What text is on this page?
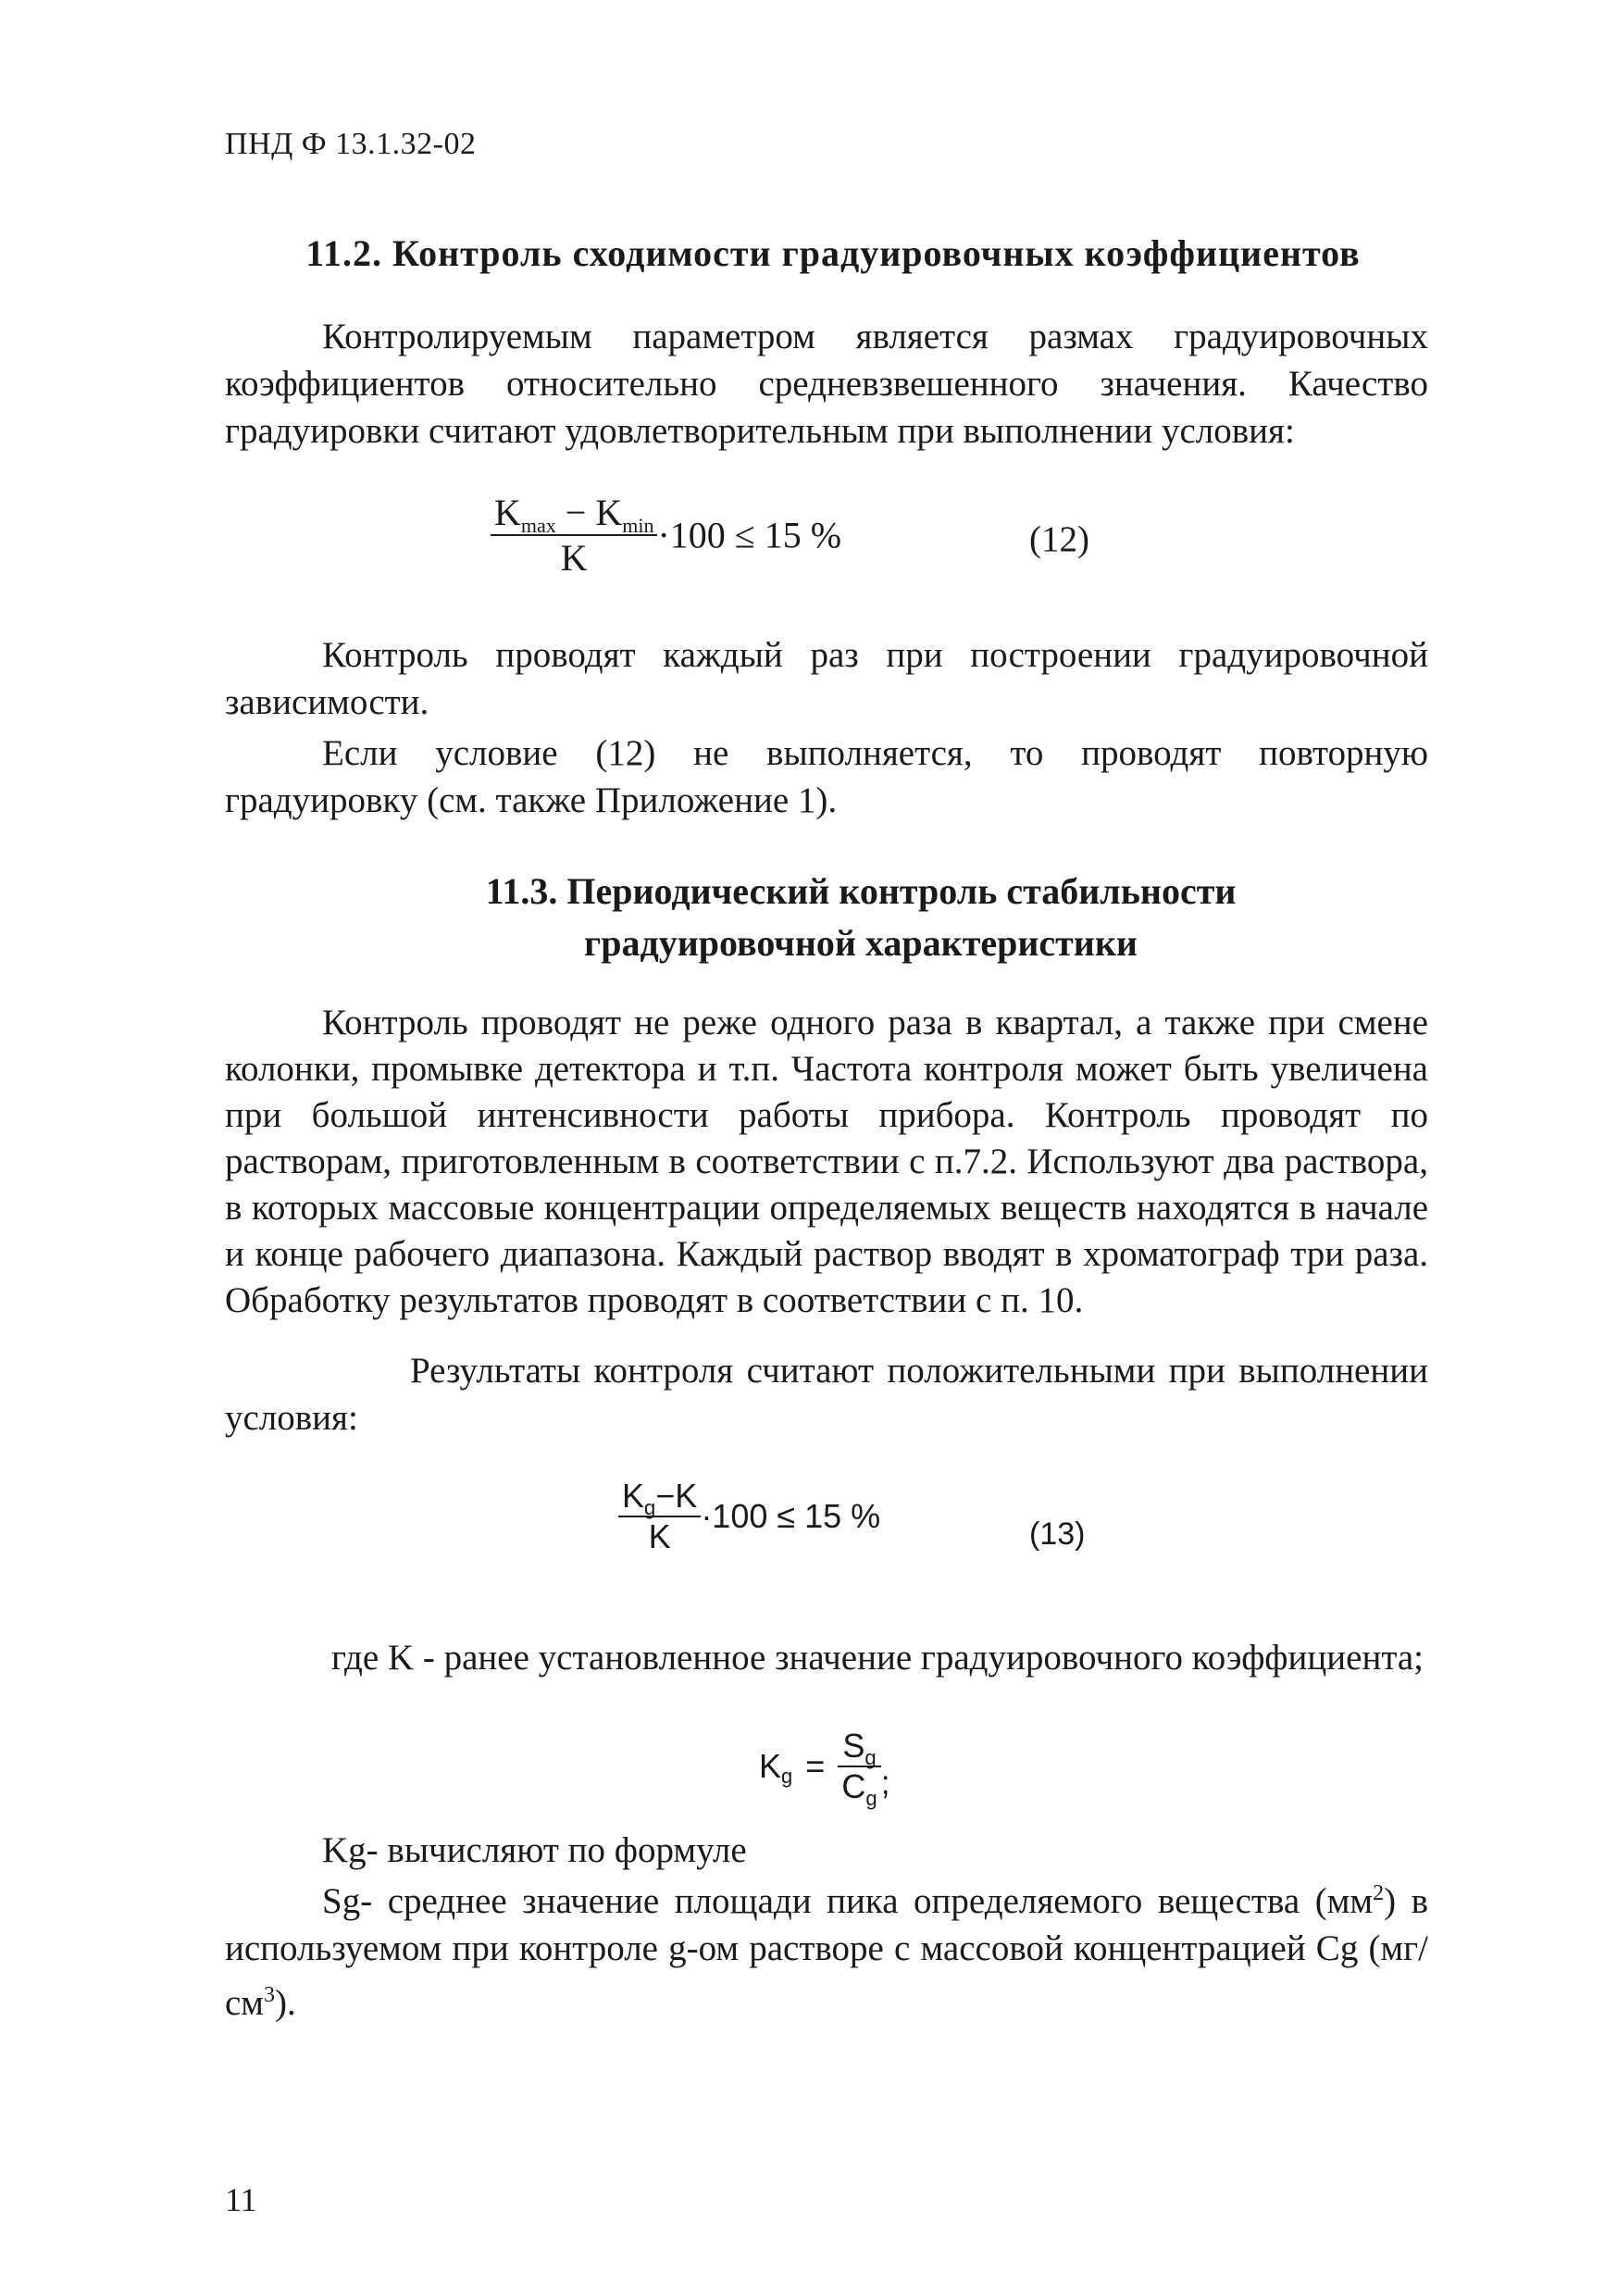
ПНД Ф 13.1.32-02
11.2. Контроль сходимости градуировочных коэффициентов
Контролируемым параметром является размах градуировочных коэффициентов относительно средневзвешенного значения. Качество градуировки считают удовлетворительным при выполнении условия:
$\frac{K_{max} - K_{min}}{K} \cdot 100 \le 15$ %	(12)
Контроль проводят каждый раз при построении градуировочной зависимости.
Если условие (12) не выполняется, то проводят повторную градуировку (см. также Приложение 1).
11.3. Периодический контроль стабильности
градуировочной характеристики
Контроль проводят не реже одного раза в квартал, а также при смене колонки, промывке детектора и т.п. Частота контроля может быть увеличена при большой интенсивности работы прибора. Контроль проводят по растворам, приготовленным в соответствии с п.7.2. Используют два раствора, в которых массовые концентрации определяемых веществ находятся в начале и конце рабочего диапазона. Каждый раствор вводят в хроматограф три раза. Обработку результатов проводят в соответствии с п. 10.
Результаты контроля считают положительными при выполнении условия:
$\frac{K_g-K}{K} \cdot 100 \le 15$ %	(13)
где K - ранее установленное значение градуировочного коэффициента;
$K_g = \frac{S_g}{C_g}$ ;
Kg- вычисляют по формуле
Sg- среднее значение площади пика определяемого вещества $(мм^2)$ в используемом при контроле g-ом растворе с массовой концентрацией Cg $(мг/см^3)$.
11
